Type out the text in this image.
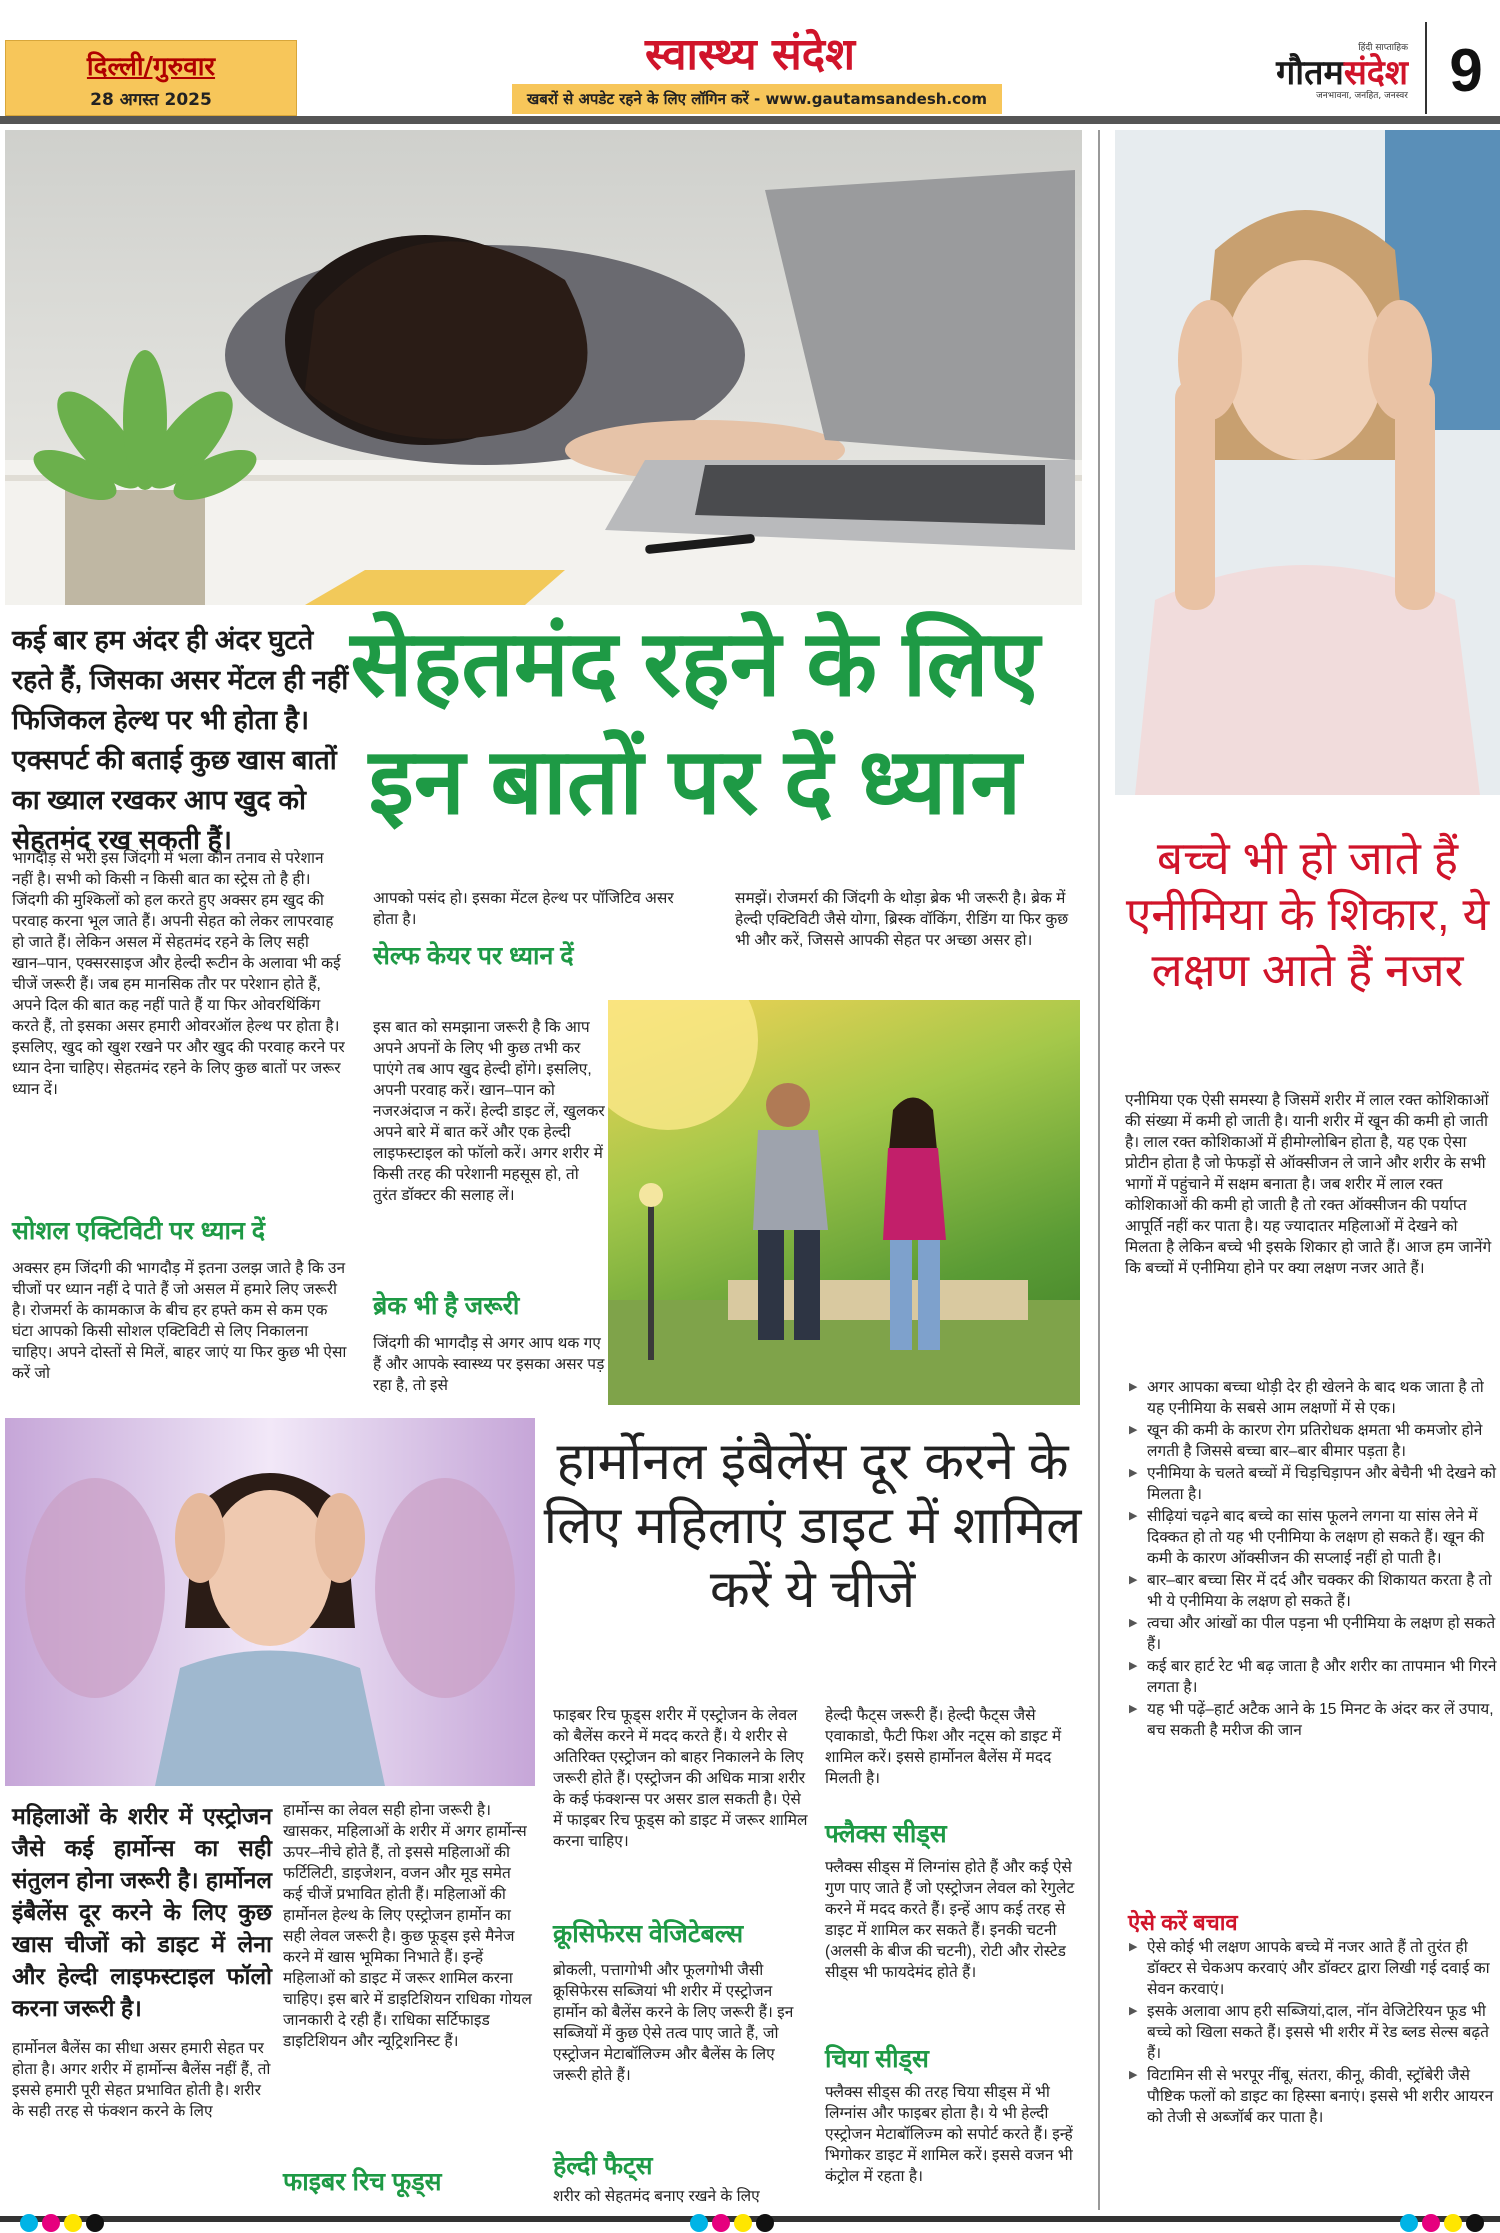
दिल्ली/गुरुवार
28 अगस्त 2025
स्वास्थ्य संदेश
खबरों से अपडेट रहने के लिए लॉगिन करें - www.gautamsandesh.com
हिंदी साप्ताहिक
गौतमसंदेश
जनभावना, जनहित, जनस्वर 9
सेहतमंद रहने के लिए
इन बातों पर दें ध्यान
कई बार हम अंदर ही अंदर घुटते रहते हैं, जिसका असर मेंटल ही नहीं फिजिकल हेल्थ पर भी होता है। एक्सपर्ट की बताई कुछ खास बातों का ख्याल रखकर आप खुद को सेहतमंद रख सकती हैं।
भागदौड़ से भरी इस जिंदगी में भला कौन तनाव से परेशान नहीं है। सभी को किसी न किसी बात का स्ट्रेस तो है ही। जिंदगी की मुश्किलों को हल करते हुए अक्सर हम खुद की परवाह करना भूल जाते हैं। अपनी सेहत को लेकर लापरवाह हो जाते हैं। लेकिन असल में सेहतमंद रहने के लिए सही खान–पान, एक्सरसाइज और हेल्दी रूटीन के अलावा भी कई चीजें जरूरी हैं। जब हम मानसिक तौर पर परेशान होते हैं, अपने दिल की बात कह नहीं पाते हैं या फिर ओवरथिंकिंग करते हैं, तो इसका असर हमारी ओवरऑल हेल्थ पर होता है। इसलिए, खुद को खुश रखने पर और खुद की परवाह करने पर ध्यान देना चाहिए। सेहतमंद रहने के लिए कुछ बातों पर जरूर ध्यान दें।
सोशल एक्टिविटी पर ध्यान दें
अक्सर हम जिंदगी की भागदौड़ में इतना उलझ जाते है कि उन चीजों पर ध्यान नहीं दे पाते हैं जो असल में हमारे लिए जरूरी है। रोजमर्रा के कामकाज के बीच हर हफ्ते कम से कम एक घंटा आपको किसी सोशल एक्टिविटी से लिए निकालना चाहिए। अपने दोस्तों से मिलें, बाहर जाएं या फिर कुछ भी ऐसा करें जो
आपको पसंद हो। इसका मेंटल हेल्थ पर पॉजिटिव असर होता है।
सेल्फ केयर पर ध्यान दें
इस बात को समझाना जरूरी है कि आप अपने अपनों के लिए भी कुछ तभी कर पाएंगे तब आप खुद हेल्दी होंगे। इसलिए, अपनी परवाह करें। खान–पान को नजरअंदाज न करें। हेल्दी डाइट लें, खुलकर अपने बारे में बात करें और एक हेल्दी लाइफस्टाइल को फॉलो करें। अगर शरीर में किसी तरह की परेशानी महसूस हो, तो तुरंत डॉक्टर की सलाह लें।
ब्रेक भी है जरूरी
जिंदगी की भागदौड़ से अगर आप थक गए हैं और आपके स्वास्थ्य पर इसका असर पड़ रहा है, तो इसे
समझें। रोजमर्रा की जिंदगी के थोड़ा ब्रेक भी जरूरी है। ब्रेक में हेल्दी एक्टिविटी जैसे योगा, ब्रिस्क वॉकिंग, रीडिंग या फिर कुछ भी और करें, जिससे आपकी सेहत पर अच्छा असर हो।
बच्चे भी हो जाते हैं एनीमिया के शिकार, ये लक्षण आते हैं नजर
एनीमिया एक ऐसी समस्या है जिसमें शरीर में लाल रक्त कोशिकाओं की संख्या में कमी हो जाती है। यानी शरीर में खून की कमी हो जाती है। लाल रक्त कोशिकाओं में हीमोग्लोबिन होता है, यह एक ऐसा प्रोटीन होता है जो फेफड़ों से ऑक्सीजन ले जाने और शरीर के सभी भागों में पहुंचाने में सक्षम बनाता है। जब शरीर में लाल रक्त कोशिकाओं की कमी हो जाती है तो रक्त ऑक्सीजन की पर्याप्त आपूर्ति नहीं कर पाता है। यह ज्यादातर महिलाओं में देखने को मिलता है लेकिन बच्चे भी इसके शिकार हो जाते हैं। आज हम जानेंगे कि बच्चों में एनीमिया होने पर क्या लक्षण नजर आते हैं।
▶ अगर आपका बच्चा थोड़ी देर ही खेलने के बाद थक जाता है तो यह एनीमिया के सबसे आम लक्षणों में से एक।
▶ खून की कमी के कारण रोग प्रतिरोधक क्षमता भी कमजोर होने लगती है जिससे बच्चा बार–बार बीमार पड़ता है।
▶ एनीमिया के चलते बच्चों में चिड़चिड़ापन और बेचैनी भी देखने को मिलता है।
▶ सीढ़ियां चढ़ने बाद बच्चे का सांस फूलने लगना या सांस लेने में दिक्कत हो तो यह भी एनीमिया के लक्षण हो सकते हैं। खून की कमी के कारण ऑक्सीजन की सप्लाई नहीं हो पाती है।
▶ बार–बार बच्चा सिर में दर्द और चक्कर की शिकायत करता है तो भी ये एनीमिया के लक्षण हो सकते हैं।
▶ त्वचा और आंखों का पील पड़ना भी एनीमिया के लक्षण हो सकते हैं।
▶ कई बार हार्ट रेट भी बढ़ जाता है और शरीर का तापमान भी गिरने लगता है।
▶ यह भी पढ़ें–हार्ट अटैक आने के 15 मिनट के अंदर कर लें उपाय, बच सकती है मरीज की जान
ऐसे करें बचाव
▶ ऐसे कोई भी लक्षण आपके बच्चे में नजर आते हैं तो तुरंत ही डॉक्टर से चेकअप करवाएं और डॉक्टर द्वारा लिखी गई दवाई का सेवन करवाएं।
▶ इसके अलावा आप हरी सब्जियां,दाल, नॉन वेजिटेरियन फूड भी बच्चे को खिला सकते हैं। इससे भी शरीर में रेड ब्लड सेल्स बढ़ते हैं।
▶ विटामिन सी से भरपूर नींबू, संतरा, कीनू, कीवी, स्ट्रॉबेरी जैसे पौष्टिक फलों को डाइट का हिस्सा बनाएं। इससे भी शरीर आयरन को तेजी से अब्जॉर्ब कर पाता है।
हार्मोनल इंबैलेंस दूर करने के लिए महिलाएं डाइट में शामिल करें ये चीजें
महिलाओं के शरीर में एस्ट्रोजन जैसे कई हार्मोन्स का सही संतुलन होना जरूरी है। हार्मोनल इंबैलेंस दूर करने के लिए कुछ खास चीजों को डाइट में लेना और हेल्दी लाइफस्टाइल फॉलो करना जरूरी है।
हार्मोनल बैलेंस का सीधा असर हमारी सेहत पर होता है। अगर शरीर में हार्मोन्स बैलेंस नहीं हैं, तो इससे हमारी पूरी सेहत प्रभावित होती है। शरीर के सही तरह से फंक्शन करने के लिए
हार्मोन्स का लेवल सही होना जरूरी है। खासकर, महिलाओं के शरीर में अगर हार्मोन्स ऊपर–नीचे होते हैं, तो इससे महिलाओं की फर्टिलिटी, डाइजेशन, वजन और मूड समेत कई चीजें प्रभावित होती हैं। महिलाओं की हार्मोनल हेल्थ के लिए एस्ट्रोजन हार्मोन का सही लेवल जरूरी है। कुछ फूड्स इसे मैनेज करने में खास भूमिका निभाते हैं। इन्हें महिलाओं को डाइट में जरूर शामिल करना चाहिए। इस बारे में डाइटिशियन राधिका गोयल जानकारी दे रही हैं। राधिका सर्टिफाइड डाइटिशियन और न्यूट्रिशनिस्ट हैं।
फाइबर रिच फूड्स
फाइबर रिच फूड्स शरीर में एस्ट्रोजन के लेवल को बैलेंस करने में मदद करते हैं। ये शरीर से अतिरिक्त एस्ट्रोजन को बाहर निकालने के लिए जरूरी होते हैं। एस्ट्रोजन की अधिक मात्रा शरीर के कई फंक्शन्स पर असर डाल सकती है। ऐसे में फाइबर रिच फूड्स को डाइट में जरूर शामिल करना चाहिए।
क्रूसिफेरस वेजिटेबल्स
ब्रोकली, पत्तागोभी और फूलगोभी जैसी क्रूसिफेरस सब्जियां भी शरीर में एस्ट्रोजन हार्मोन को बैलेंस करने के लिए जरूरी हैं। इन सब्जियों में कुछ ऐसे तत्व पाए जाते हैं, जो एस्ट्रोजन मेटाबॉलिज्म और बैलेंस के लिए जरूरी होते हैं।
हेल्दी फैट्स
शरीर को सेहतमंद बनाए रखने के लिए
हेल्दी फैट्स जरूरी हैं। हेल्दी फैट्स जैसे एवाकाडो, फैटी फिश और नट्स को डाइट में शामिल करें। इससे हार्मोनल बैलेंस में मदद मिलती है।
फ्लैक्स सीड्स
फ्लैक्स सीड्स में लिग्नांस होते हैं और कई ऐसे गुण पाए जाते हैं जो एस्ट्रोजन लेवल को रेगुलेट करने में मदद करते हैं। इन्हें आप कई तरह से डाइट में शामिल कर सकते हैं। इनकी चटनी (अलसी के बीज की चटनी), रोटी और रोस्टेड सीड्स भी फायदेमंद होते हैं।
चिया सीड्स
फ्लैक्स सीड्स की तरह चिया सीड्स में भी लिग्नांस और फाइबर होता है। ये भी हेल्दी एस्ट्रोजन मेटाबॉलिज्म को सपोर्ट करते हैं। इन्हें भिगोकर डाइट में शामिल करें। इससे वजन भी कंट्रोल में रहता है।
